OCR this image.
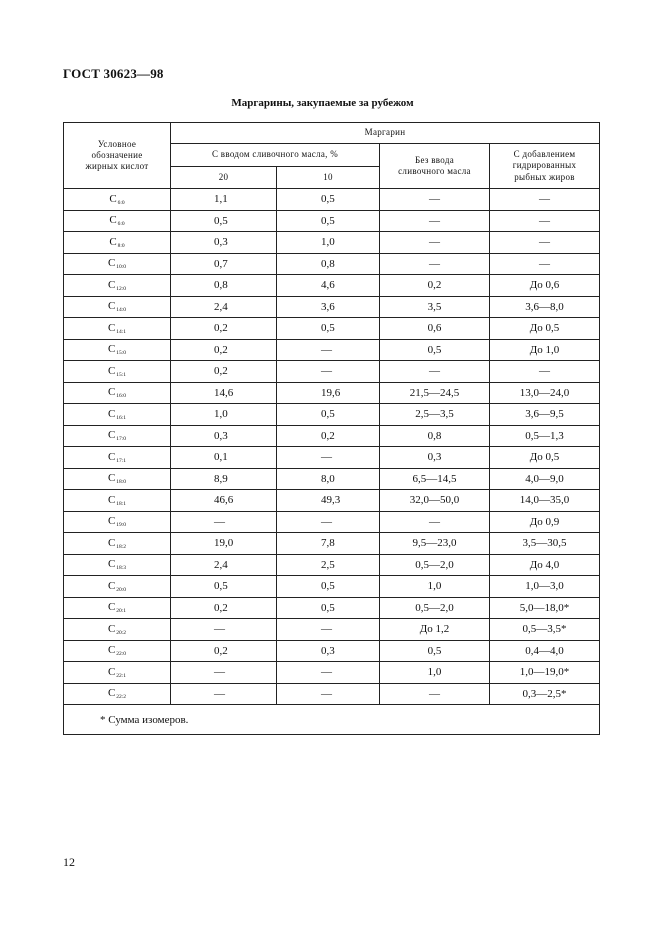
ГОСТ 30623—98
Маргарины, закупаемые за рубежом
Условное обозначение жирных кислот	Маргарин			
	С вводом сливочного масла, %		Без ввода сливочного масла	С добавлением гидрированных рыбных жиров
	20	10		
$C_{6:0}$	1,1	0,5	—	—
$C_{6:0}$	0,5	0,5	—	—
$C_{8:0}$	0,3	1,0	—	—
$C_{10:0}$	0,7	0,8	—	—
$C_{12:0}$	0,8	4,6	0,2	До 0,6
$C_{14:0}$	2,4	3,6	3,5	3,6—8,0
$C_{14:1}$	0,2	0,5	0,6	До 0,5
$C_{15:0}$	0,2	—	0,5	До 1,0
$C_{15:1}$	0,2	—	—	—
$C_{16:0}$	14,6	19,6	21,5—24,5	13,0—24,0
$C_{16:1}$	1,0	0,5	2,5—3,5	3,6—9,5
$C_{17:0}$	0,3	0,2	0,8	0,5—1,3
$C_{17:1}$	0,1	—	0,3	До 0,5
$C_{18:0}$	8,9	8,0	6,5—14,5	4,0—9,0
$C_{18:1}$	46,6	49,3	32,0—50,0	14,0—35,0
$C_{19:0}$	—	—	—	До 0,9
$C_{18:2}$	19,0	7,8	9,5—23,0	3,5—30,5
$C_{18:3}$	2,4	2,5	0,5—2,0	До 4,0
$C_{20:0}$	0,5	0,5	1,0	1,0—3,0
$C_{20:1}$	0,2	0,5	0,5—2,0	5,0—18,0*
$C_{20:2}$	—	—	До 1,2	0,5—3,5*
$C_{22:0}$	0,2	0,3	0,5	0,4—4,0
$C_{22:1}$	—	—	1,0	1,0—19,0*
$C_{22:2}$	—	—	—	0,3—2,5*
* Сумма изомеров.				
12
